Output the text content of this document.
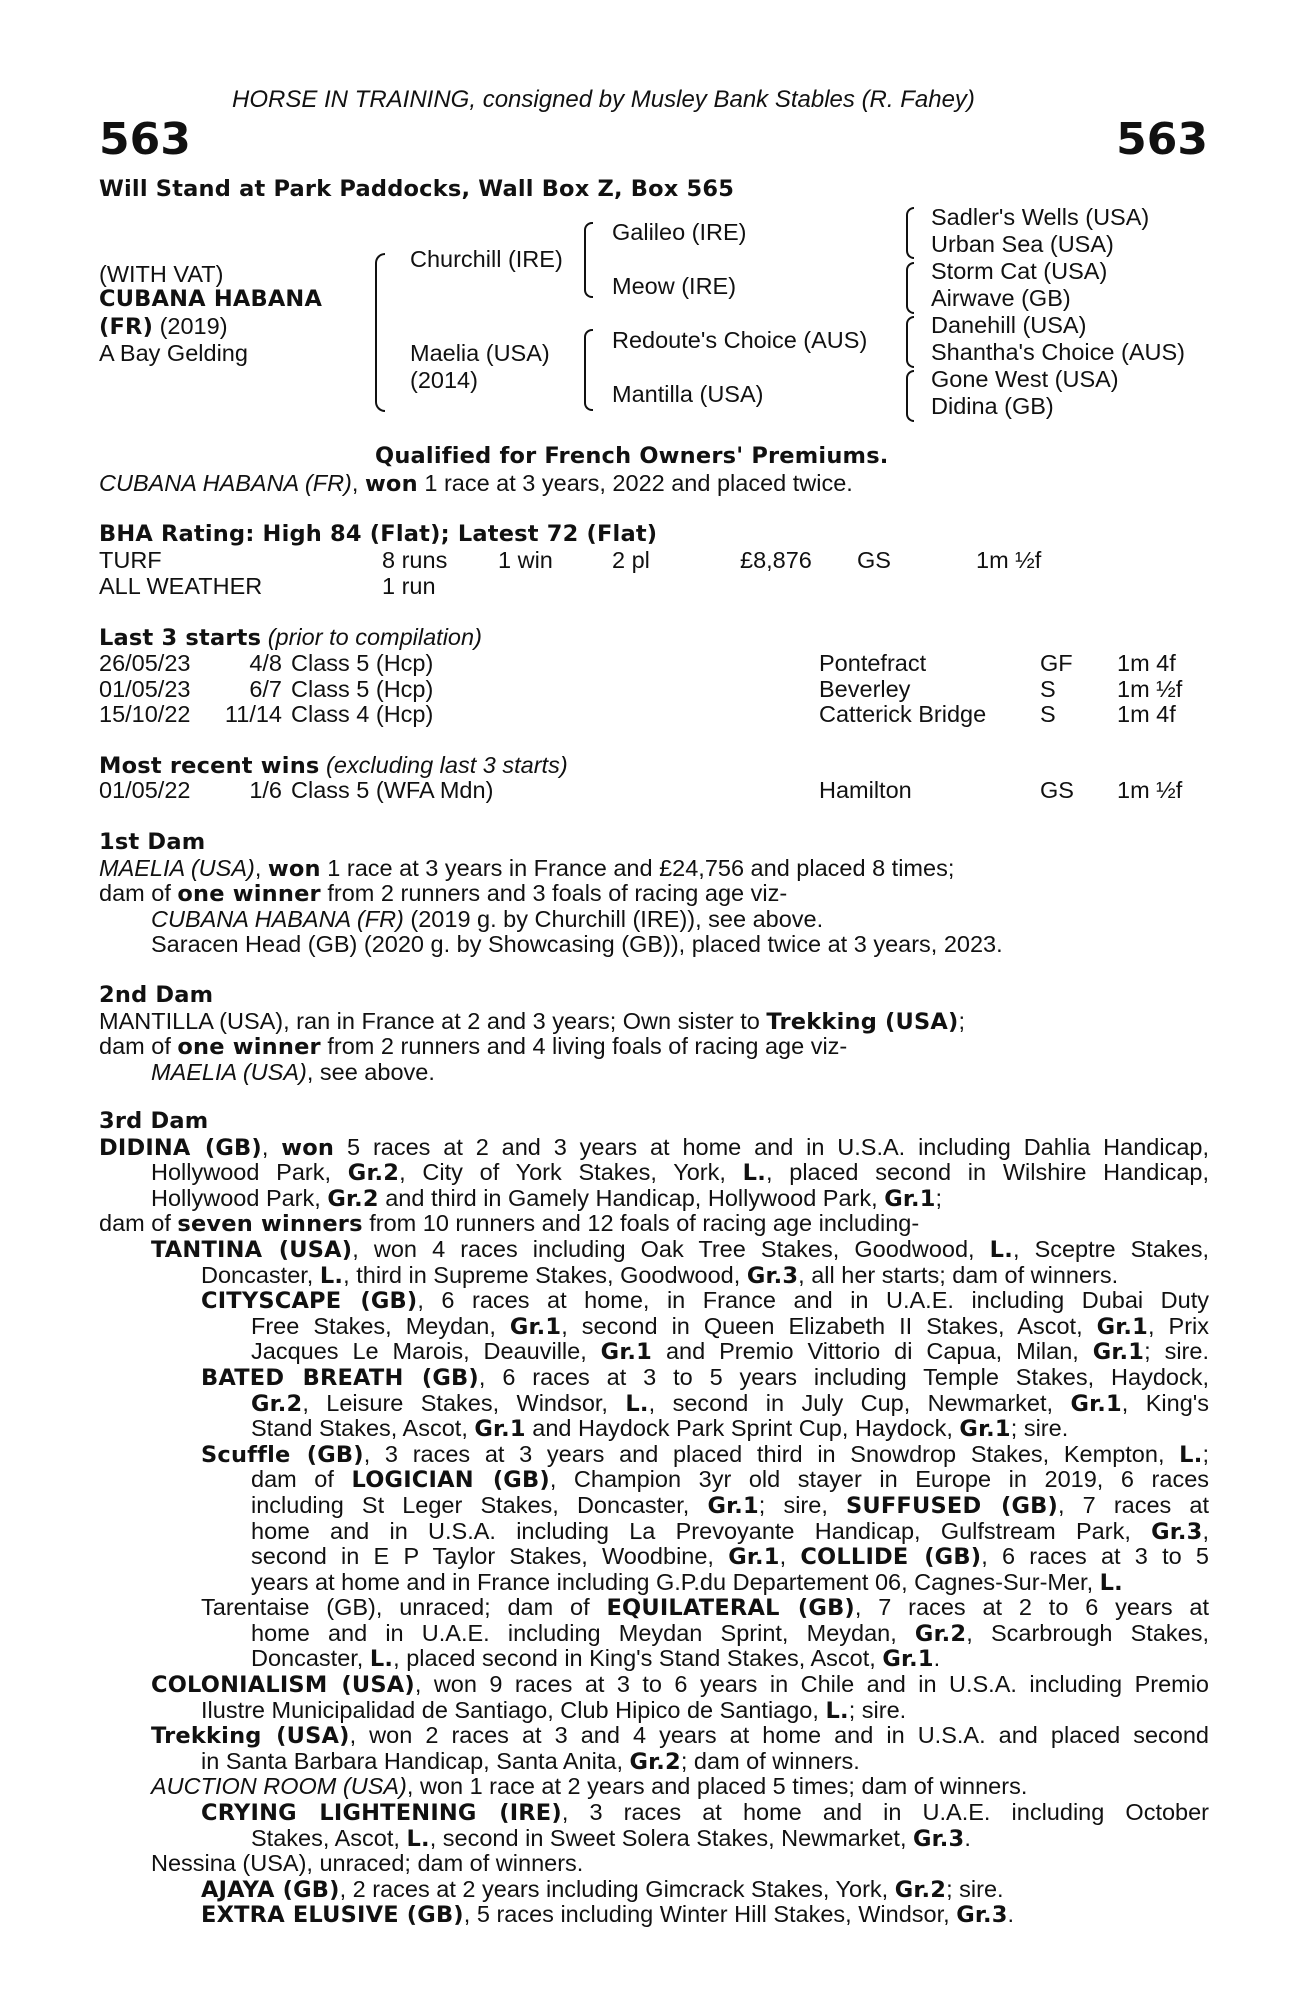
HORSE IN TRAINING, consigned by Musley Bank Stables (R. Fahey)
563	563
Will Stand at Park Paddocks, Wall Box Z, Box 565
(WITH VAT)
CUBANA HABANA
(FR) (2019)
A Bay Gelding
Churchill (IRE)
Maelia (USA)
(2014)
Galileo (IRE)
Meow (IRE)
Redoute's Choice (AUS)
Mantilla (USA)
Sadler's Wells (USA)
Urban Sea (USA)
Storm Cat (USA)
Airwave (GB)
Danehill (USA)
Shantha's Choice (AUS)
Gone West (USA)
Didina (GB)
Qualified for French Owners' Premiums.
CUBANA HABANA (FR), won 1 race at 3 years, 2022 and placed twice.
BHA Rating: High 84 (Flat); Latest 72 (Flat)
TURF	8 runs 1 win	2 pl	£8,876 GS	1m ½f
ALL WEATHER	1 run
Last 3 starts (prior to compilation)
26/05/23	4/8 Class 5 (Hcp)	Pontefract	GF 1m 4f
01/05/23	6/7 Class 5 (Hcp)	Beverley	S	1m ½f
15/10/22 11/14 Class 4 (Hcp)	Catterick Bridge S	1m 4f
Most recent wins (excluding last 3 starts)
01/05/22	1/6 Class 5 (WFA Mdn)	Hamilton	GS 1m ½f
1st Dam
MAELIA (USA), won 1 race at 3 years in France and £24,756 and placed 8 times;
dam of one winner from 2 runners and 3 foals of racing age viz-
CUBANA HABANA (FR) (2019 g. by Churchill (IRE)), see above.
Saracen Head (GB) (2020 g. by Showcasing (GB)), placed twice at 3 years, 2023.
2nd Dam
MANTILLA (USA), ran in France at 2 and 3 years; Own sister to Trekking (USA);
dam of one winner from 2 runners and 4 living foals of racing age viz-
MAELIA (USA), see above.
3rd Dam
DIDINA (GB), won 5 races at 2 and 3 years at home and in U.S.A. including Dahlia Handicap,
Hollywood Park, Gr.2, City of York Stakes, York, L., placed second in Wilshire Handicap,
Hollywood Park, Gr.2 and third in Gamely Handicap, Hollywood Park, Gr.1;
dam of seven winners from 10 runners and 12 foals of racing age including-
TANTINA (USA), won 4 races including Oak Tree Stakes, Goodwood, L., Sceptre Stakes,
Doncaster, L., third in Supreme Stakes, Goodwood, Gr.3, all her starts; dam of winners.
CITYSCAPE (GB), 6 races at home, in France and in U.A.E. including Dubai Duty
Free Stakes, Meydan, Gr.1, second in Queen Elizabeth II Stakes, Ascot, Gr.1, Prix
Jacques Le Marois, Deauville, Gr.1 and Premio Vittorio di Capua, Milan, Gr.1; sire.
BATED BREATH (GB), 6 races at 3 to 5 years including Temple Stakes, Haydock,
Gr.2, Leisure Stakes, Windsor, L., second in July Cup, Newmarket, Gr.1, King's
Stand Stakes, Ascot, Gr.1 and Haydock Park Sprint Cup, Haydock, Gr.1; sire.
Scuffle (GB), 3 races at 3 years and placed third in Snowdrop Stakes, Kempton, L.;
dam of LOGICIAN (GB), Champion 3yr old stayer in Europe in 2019, 6 races
including St Leger Stakes, Doncaster, Gr.1; sire, SUFFUSED (GB), 7 races at
home and in U.S.A. including La Prevoyante Handicap, Gulfstream Park, Gr.3,
second in E P Taylor Stakes, Woodbine, Gr.1, COLLIDE (GB), 6 races at 3 to 5
years at home and in France including G.P.du Departement 06, Cagnes-Sur-Mer, L.
Tarentaise (GB), unraced; dam of EQUILATERAL (GB), 7 races at 2 to 6 years at
home and in U.A.E. including Meydan Sprint, Meydan, Gr.2, Scarbrough Stakes,
Doncaster, L., placed second in King's Stand Stakes, Ascot, Gr.1.
COLONIALISM (USA), won 9 races at 3 to 6 years in Chile and in U.S.A. including Premio
Ilustre Municipalidad de Santiago, Club Hipico de Santiago, L.; sire.
Trekking (USA), won 2 races at 3 and 4 years at home and in U.S.A. and placed second
in Santa Barbara Handicap, Santa Anita, Gr.2; dam of winners.
AUCTION ROOM (USA), won 1 race at 2 years and placed 5 times; dam of winners.
CRYING LIGHTENING (IRE), 3 races at home and in U.A.E. including October
Stakes, Ascot, L., second in Sweet Solera Stakes, Newmarket, Gr.3.
Nessina (USA), unraced; dam of winners.
AJAYA (GB), 2 races at 2 years including Gimcrack Stakes, York, Gr.2; sire.
EXTRA ELUSIVE (GB), 5 races including Winter Hill Stakes, Windsor, Gr.3.
